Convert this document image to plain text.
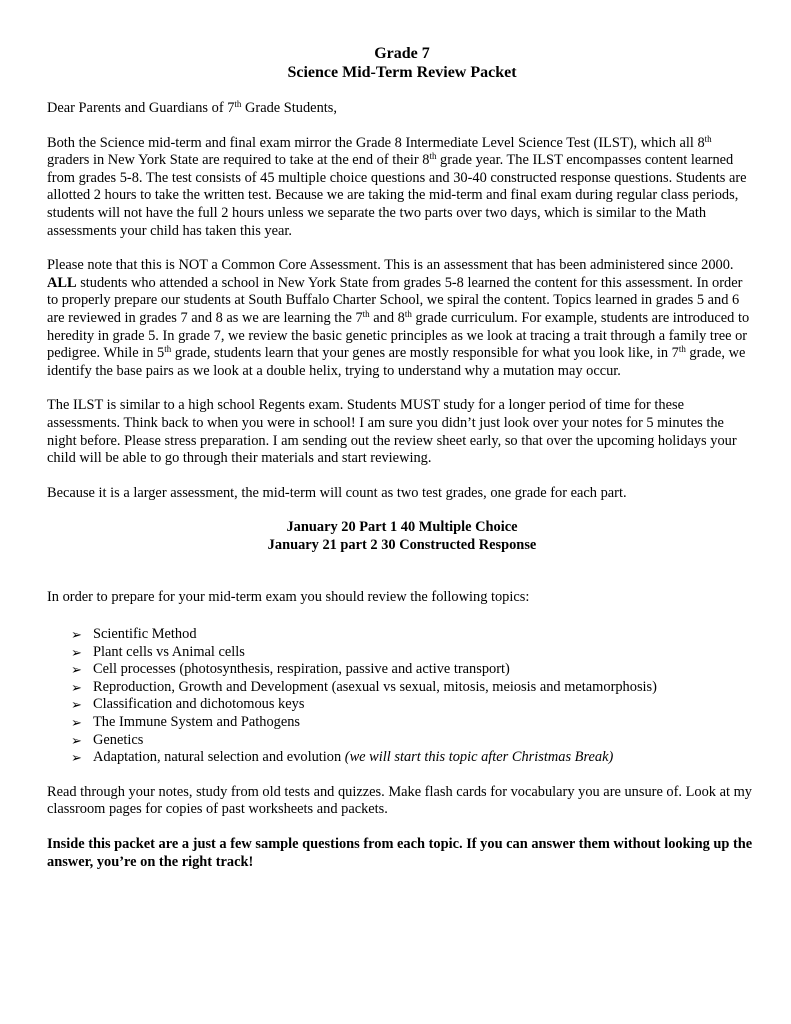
Grade 7
Science Mid-Term Review Packet

Dear Parents and Guardians of 7th Grade Students,

Both the Science mid-term and final exam mirror the Grade 8 Intermediate Level Science Test (ILST), which all 8th graders in New York State are required to take at the end of their 8th grade year. The ILST encompasses content learned from grades 5-8. The test consists of 45 multiple choice questions and 30-40 constructed response questions. Students are allotted 2 hours to take the written test. Because we are taking the mid-term and final exam during regular class periods, students will not have the full 2 hours unless we separate the two parts over two days, which is similar to the Math assessments your child has taken this year.

Please note that this is NOT a Common Core Assessment. This is an assessment that has been administered since 2000. ALL students who attended a school in New York State from grades 5-8 learned the content for this assessment. In order to properly prepare our students at South Buffalo Charter School, we spiral the content. Topics learned in grades 5 and 6 are reviewed in grades 7 and 8 as we are learning the 7th and 8th grade curriculum. For example, students are introduced to heredity in grade 5. In grade 7, we review the basic genetic principles as we look at tracing a trait through a family tree or pedigree. While in 5th grade, students learn that your genes are mostly responsible for what you look like, in 7th grade, we identify the base pairs as we look at a double helix, trying to understand why a mutation may occur.

The ILST is similar to a high school Regents exam. Students MUST study for a longer period of time for these assessments. Think back to when you were in school! I am sure you didn’t just look over your notes for 5 minutes the night before. Please stress preparation. I am sending out the review sheet early, so that over the upcoming holidays your child will be able to go through their materials and start reviewing.

Because it is a larger assessment, the mid-term will count as two test grades, one grade for each part.

January 20 Part 1 40 Multiple Choice
January 21 part 2 30 Constructed Response

In order to prepare for your mid-term exam you should review the following topics:

➢ Scientific Method
➢ Plant cells vs Animal cells
➢ Cell processes (photosynthesis, respiration, passive and active transport)
➢ Reproduction, Growth and Development (asexual vs sexual, mitosis, meiosis and metamorphosis)
➢ Classification and dichotomous keys
➢ The Immune System and Pathogens
➢ Genetics
➢ Adaptation, natural selection and evolution (we will start this topic after Christmas Break)

Read through your notes, study from old tests and quizzes. Make flash cards for vocabulary you are unsure of. Look at my classroom pages for copies of past worksheets and packets.

Inside this packet are a just a few sample questions from each topic. If you can answer them without looking up the answer, you’re on the right track!
